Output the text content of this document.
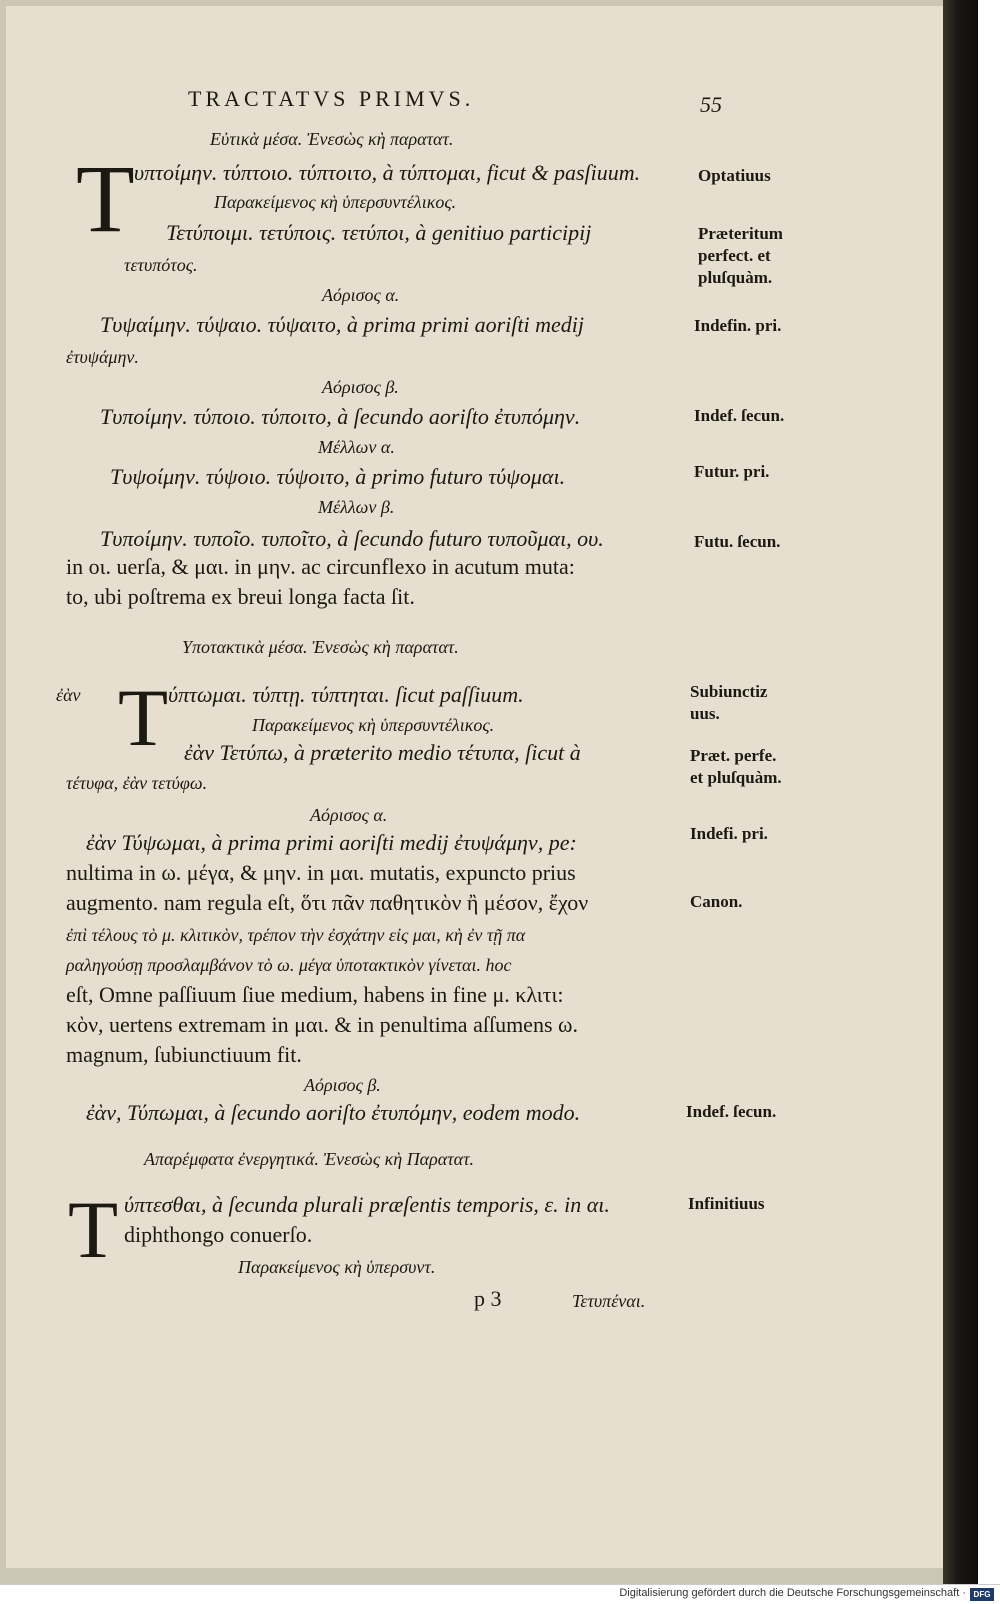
TRACTATVS PRIMVS.	55
T
T
T
Εὐτικὰ μέσα. Ἐνεσὼς κὴ παρατατ.
υπτοίμην. τύπτοιο. τύπτοιτο, à τύπτομαι, ficut & pasſiuum.
Παρακείμενος κὴ ὑπερσυντέλικος.
Τετύποιμι. τετύποις. τετύποι, à genitiuo participij
τετυπότος.
Αόρισος α.
Τυψαίμην. τύψαιο. τύψαιτο, à prima primi aoriſti medij
ἐτυψάμην.
Αόρισος β.
Τυποίμην. τύποιο. τύποιτο, à ſecundo aoriſto ἐτυπόμην.
Μέλλων α.
Τυψοίμην. τύψοιο. τύψοιτο, à primo futuro τύψομαι.
Μέλλων β.
Τυποίμην. τυποῖο. τυποῖτο, à ſecundo futuro τυποῦμαι, ου.
in οι. uerſa, & μαι. in μην. ac circunflexo in acutum muta:
to, ubi poſtrema ex breui longa facta ſit.
Υποτακτικὰ μέσα. Ἐνεσὼς κὴ παρατατ.
ἐὰν	ύπτωμαι. τύπτῃ. τύπτηται. ſicut paſſiuum.
Παρακείμενος κὴ ὑπερσυντέλικος.
ἐὰν Τετύπω, à præterito medio τέτυπα, ſicut à
τέτυφα, ἐὰν τετύφω.
Αόρισος α.
ἐὰν Τύψωμαι, à prima primi aoriſti medij ἐτυψάμην, pe:
nultima in ω. μέγα, & μην. in μαι. mutatis, expuncto prius
augmento. nam regula eſt, ὅτι πᾶν παθητικὸν ἢ μέσον, ἔχον
ἐπὶ τέλους τὸ μ. κλιτικὸν, τρέπον τὴν ἐσχάτην εἰς μαι, κὴ ἐν τῇ πα
ραληγούσῃ προσλαμβάνον τὸ ω. μέγα ὑποτακτικὸν γίνεται. hoc
eſt, Omne paſſiuum ſiue medium, habens in fine μ. κλιτι:
κὸν, uertens extremam in μαι. & in penultima aſſumens ω.
magnum, ſubiunctiuum fit.
Αόρισος β.
ἐὰν, Τύπωμαι, à ſecundo aoriſto ἐτυπόμην, eodem modo.
Απαρέμφατα ἐνεργητικά. Ἐνεσὼς κὴ Παρατατ.
ύπτεσθαι, à ſecunda plurali præſentis temporis, ε. in αι.
diphthongo conuerſo.
Παρακείμενος κὴ ὑπερσυντ.
p 3	Τετυπέναι.
Optatiuus
Præteritum
perfect. et
pluſquàm.
Indefin. pri.
Indef. ſecun.
Futur. pri.
Futu. ſecun.
Subiunctiz
uus.
Præt. perfe.
et pluſquàm.
Indefi. pri.
Canon.
Indef. ſecun.
Infinitiuus
Digitalisierung gefördert durch die Deutsche Forschungsgemeinschaft · DFG
